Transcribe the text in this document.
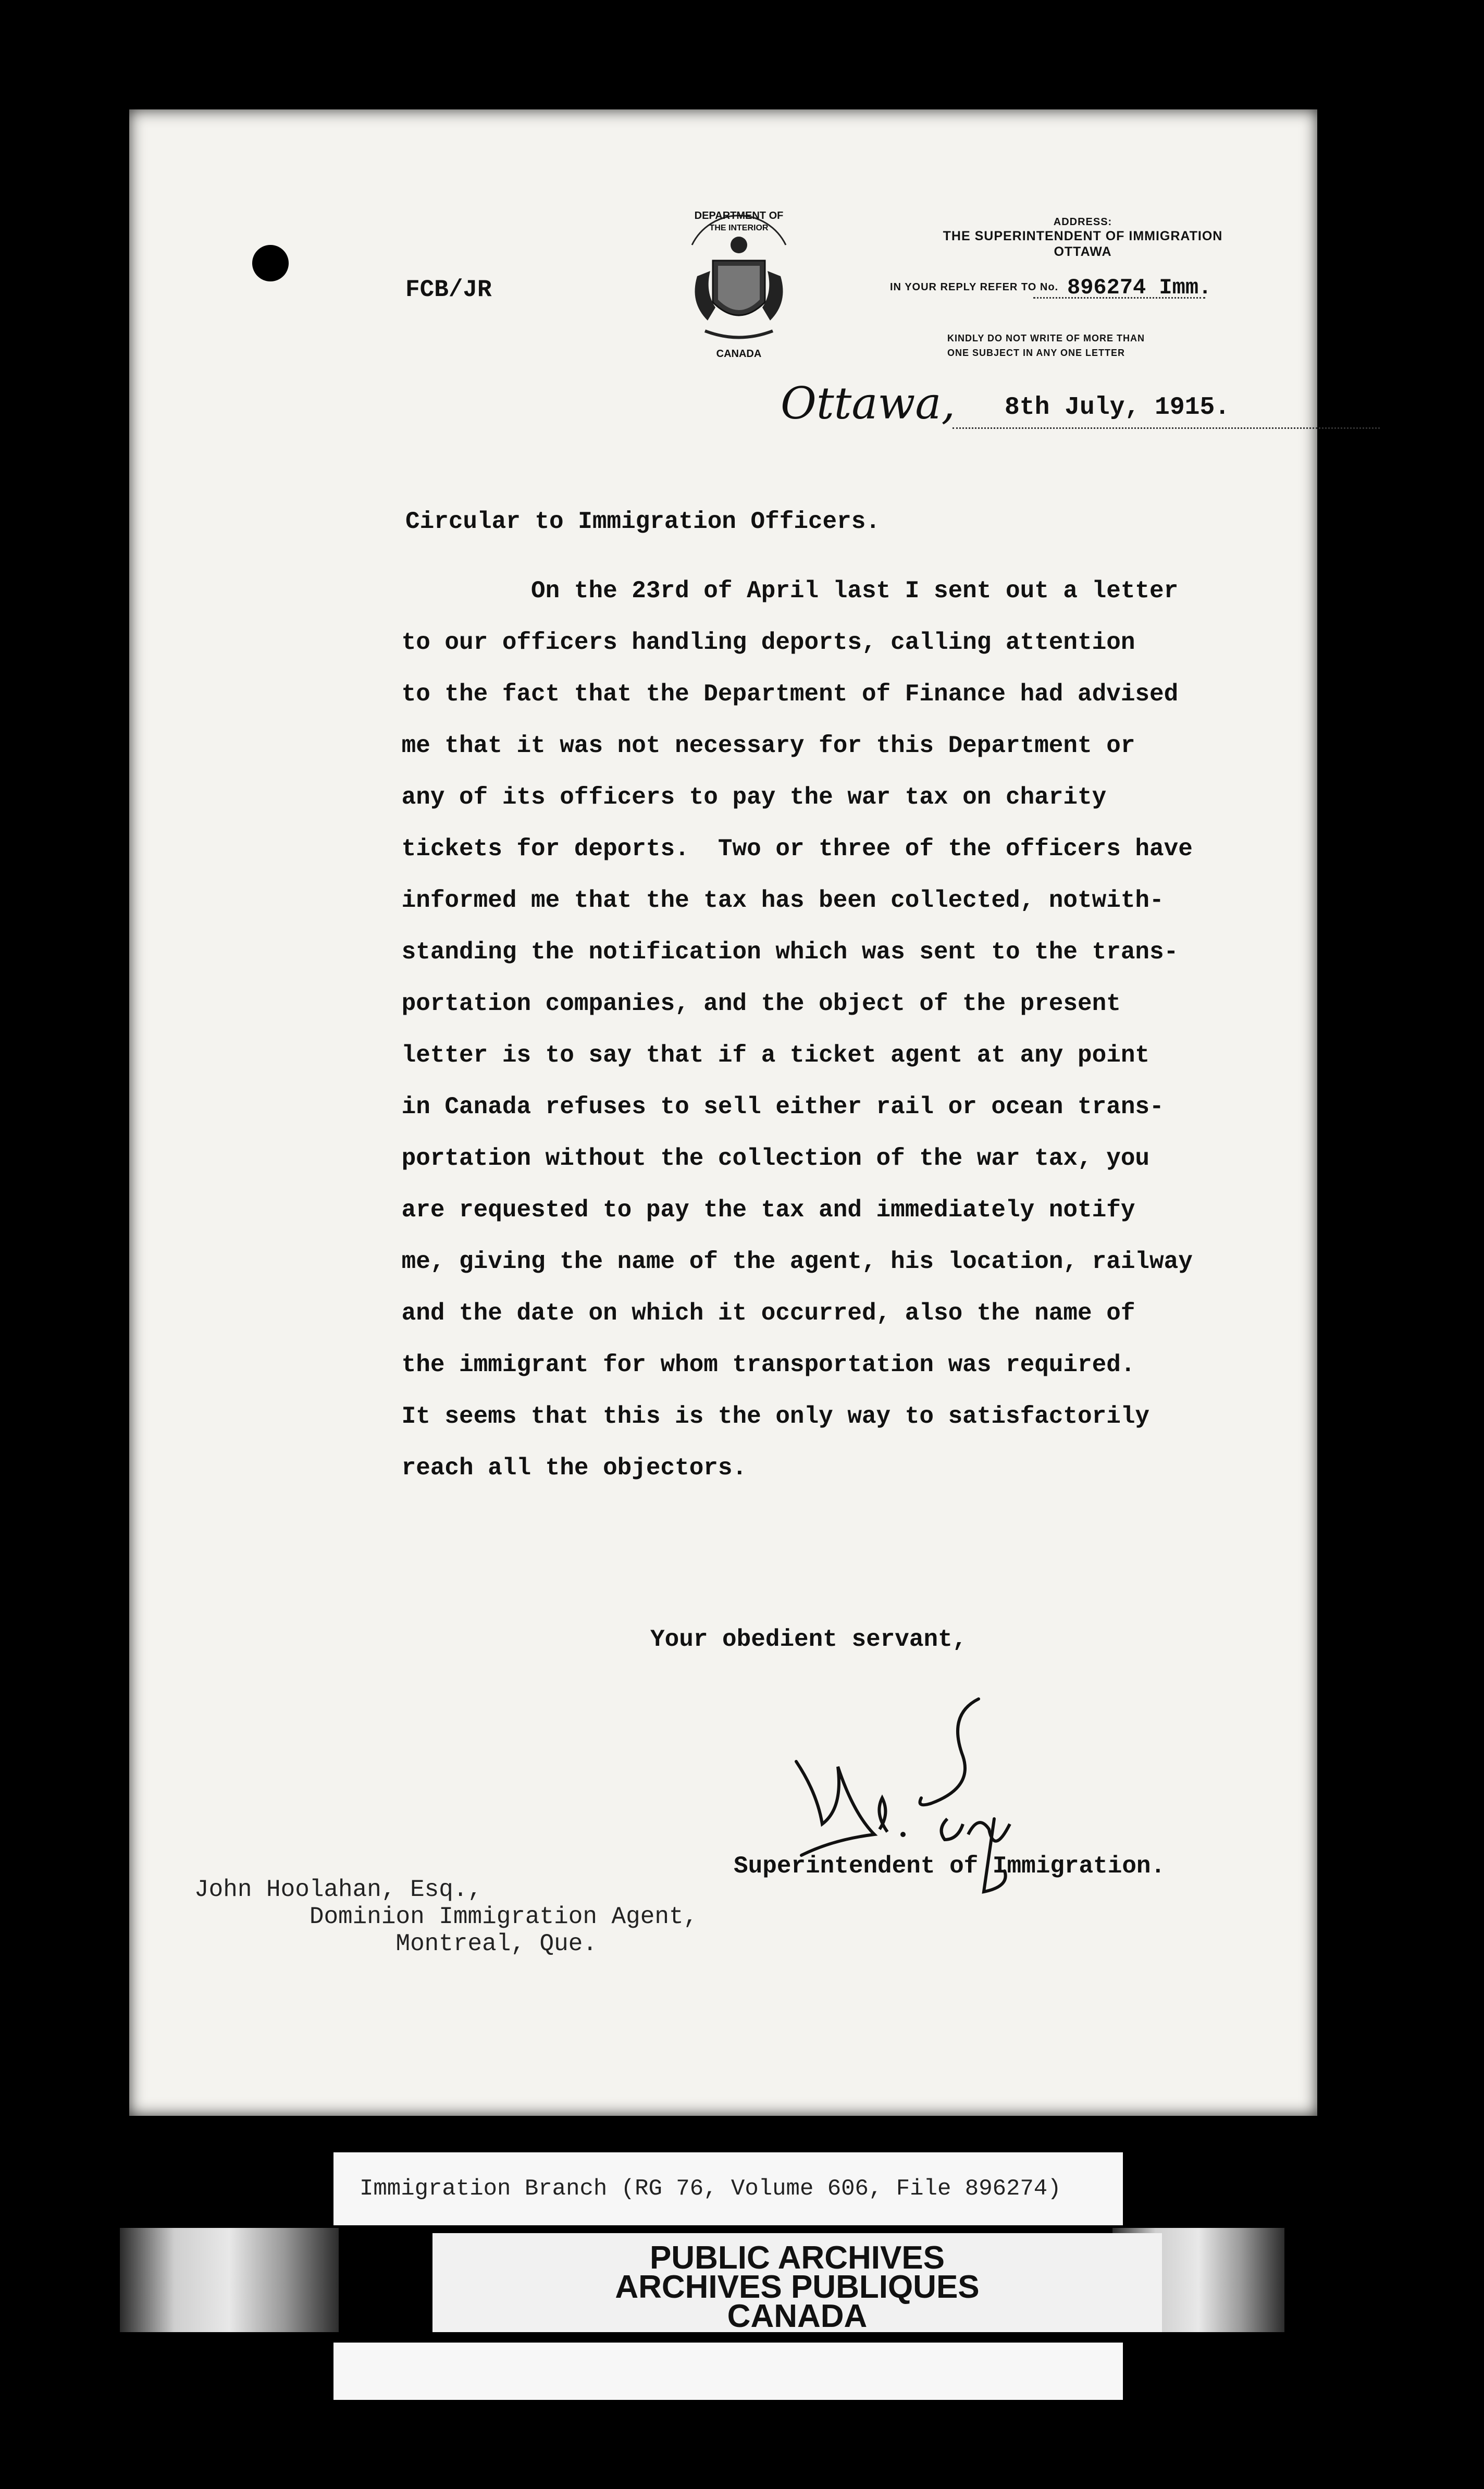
FCB/JR
DEPARTMENT OF
THE INTERIOR
CANADA
ADDRESS:
THE SUPERINTENDENT OF IMMIGRATION
OTTAWA
IN YOUR REPLY REFER TO No. 896274 Imm.
KINDLY DO NOT WRITE OF MORE THAN
ONE SUBJECT IN ANY ONE LETTER
Ottawa, 8th July, 1915.
Circular to Immigration Officers.
On the 23rd of April last I sent out a letter
to our officers handling deports, calling attention
to the fact that the Department of Finance had advised
me that it was not necessary for this Department or
any of its officers to pay the war tax on charity
tickets for deports.  Two or three of the officers have
informed me that the tax has been collected, notwith-
standing the notification which was sent to the trans-
portation companies, and the object of the present
letter is to say that if a ticket agent at any point
in Canada refuses to sell either rail or ocean trans-
portation without the collection of the war tax, you
are requested to pay the tax and immediately notify
me, giving the name of the agent, his location, railway
and the date on which it occurred, also the name of
the immigrant for whom transportation was required.
It seems that this is the only way to satisfactorily
reach all the objectors.
Your obedient servant,
Superintendent of Immigration.
John Hoolahan, Esq.,
Dominion Immigration Agent,
Montreal, Que.
Immigration Branch (RG 76, Volume 606, File 896274)
PUBLIC ARCHIVES
ARCHIVES PUBLIQUES
CANADA
